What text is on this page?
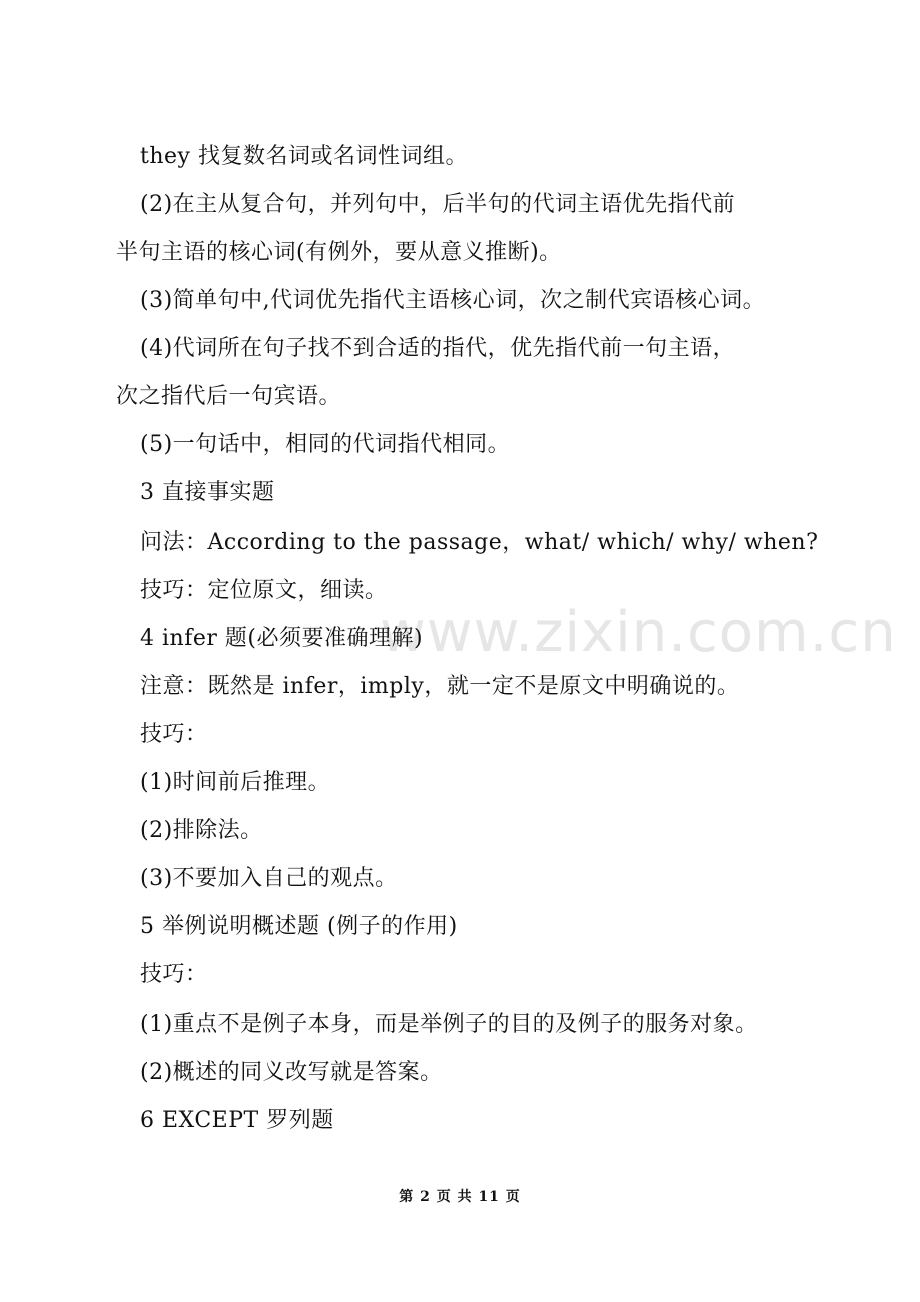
www.zixin.com.cn
they 找复数名词或名词性词组。
(2)在主从复合句，并列句中，后半句的代词主语优先指代前
半句主语的核心词(有例外，要从意义推断)。
(3)简单句中,代词优先指代主语核心词，次之制代宾语核心词。
(4)代词所在句子找不到合适的指代，优先指代前一句主语，
次之指代后一句宾语。
(5)一句话中，相同的代词指代相同。
3 直接事实题
问法：According to the passage，what/ which/ why/ when?
技巧：定位原文，细读。
4 infer 题(必须要准确理解)
注意：既然是 infer，imply，就一定不是原文中明确说的。
技巧：
(1)时间前后推理。
(2)排除法。
(3)不要加入自己的观点。
5 举例说明概述题 (例子的作用)
技巧：
(1)重点不是例子本身，而是举例子的目的及例子的服务对象。
(2)概述的同义改写就是答案。
6 EXCEPT 罗列题
第 2 页 共 11 页
